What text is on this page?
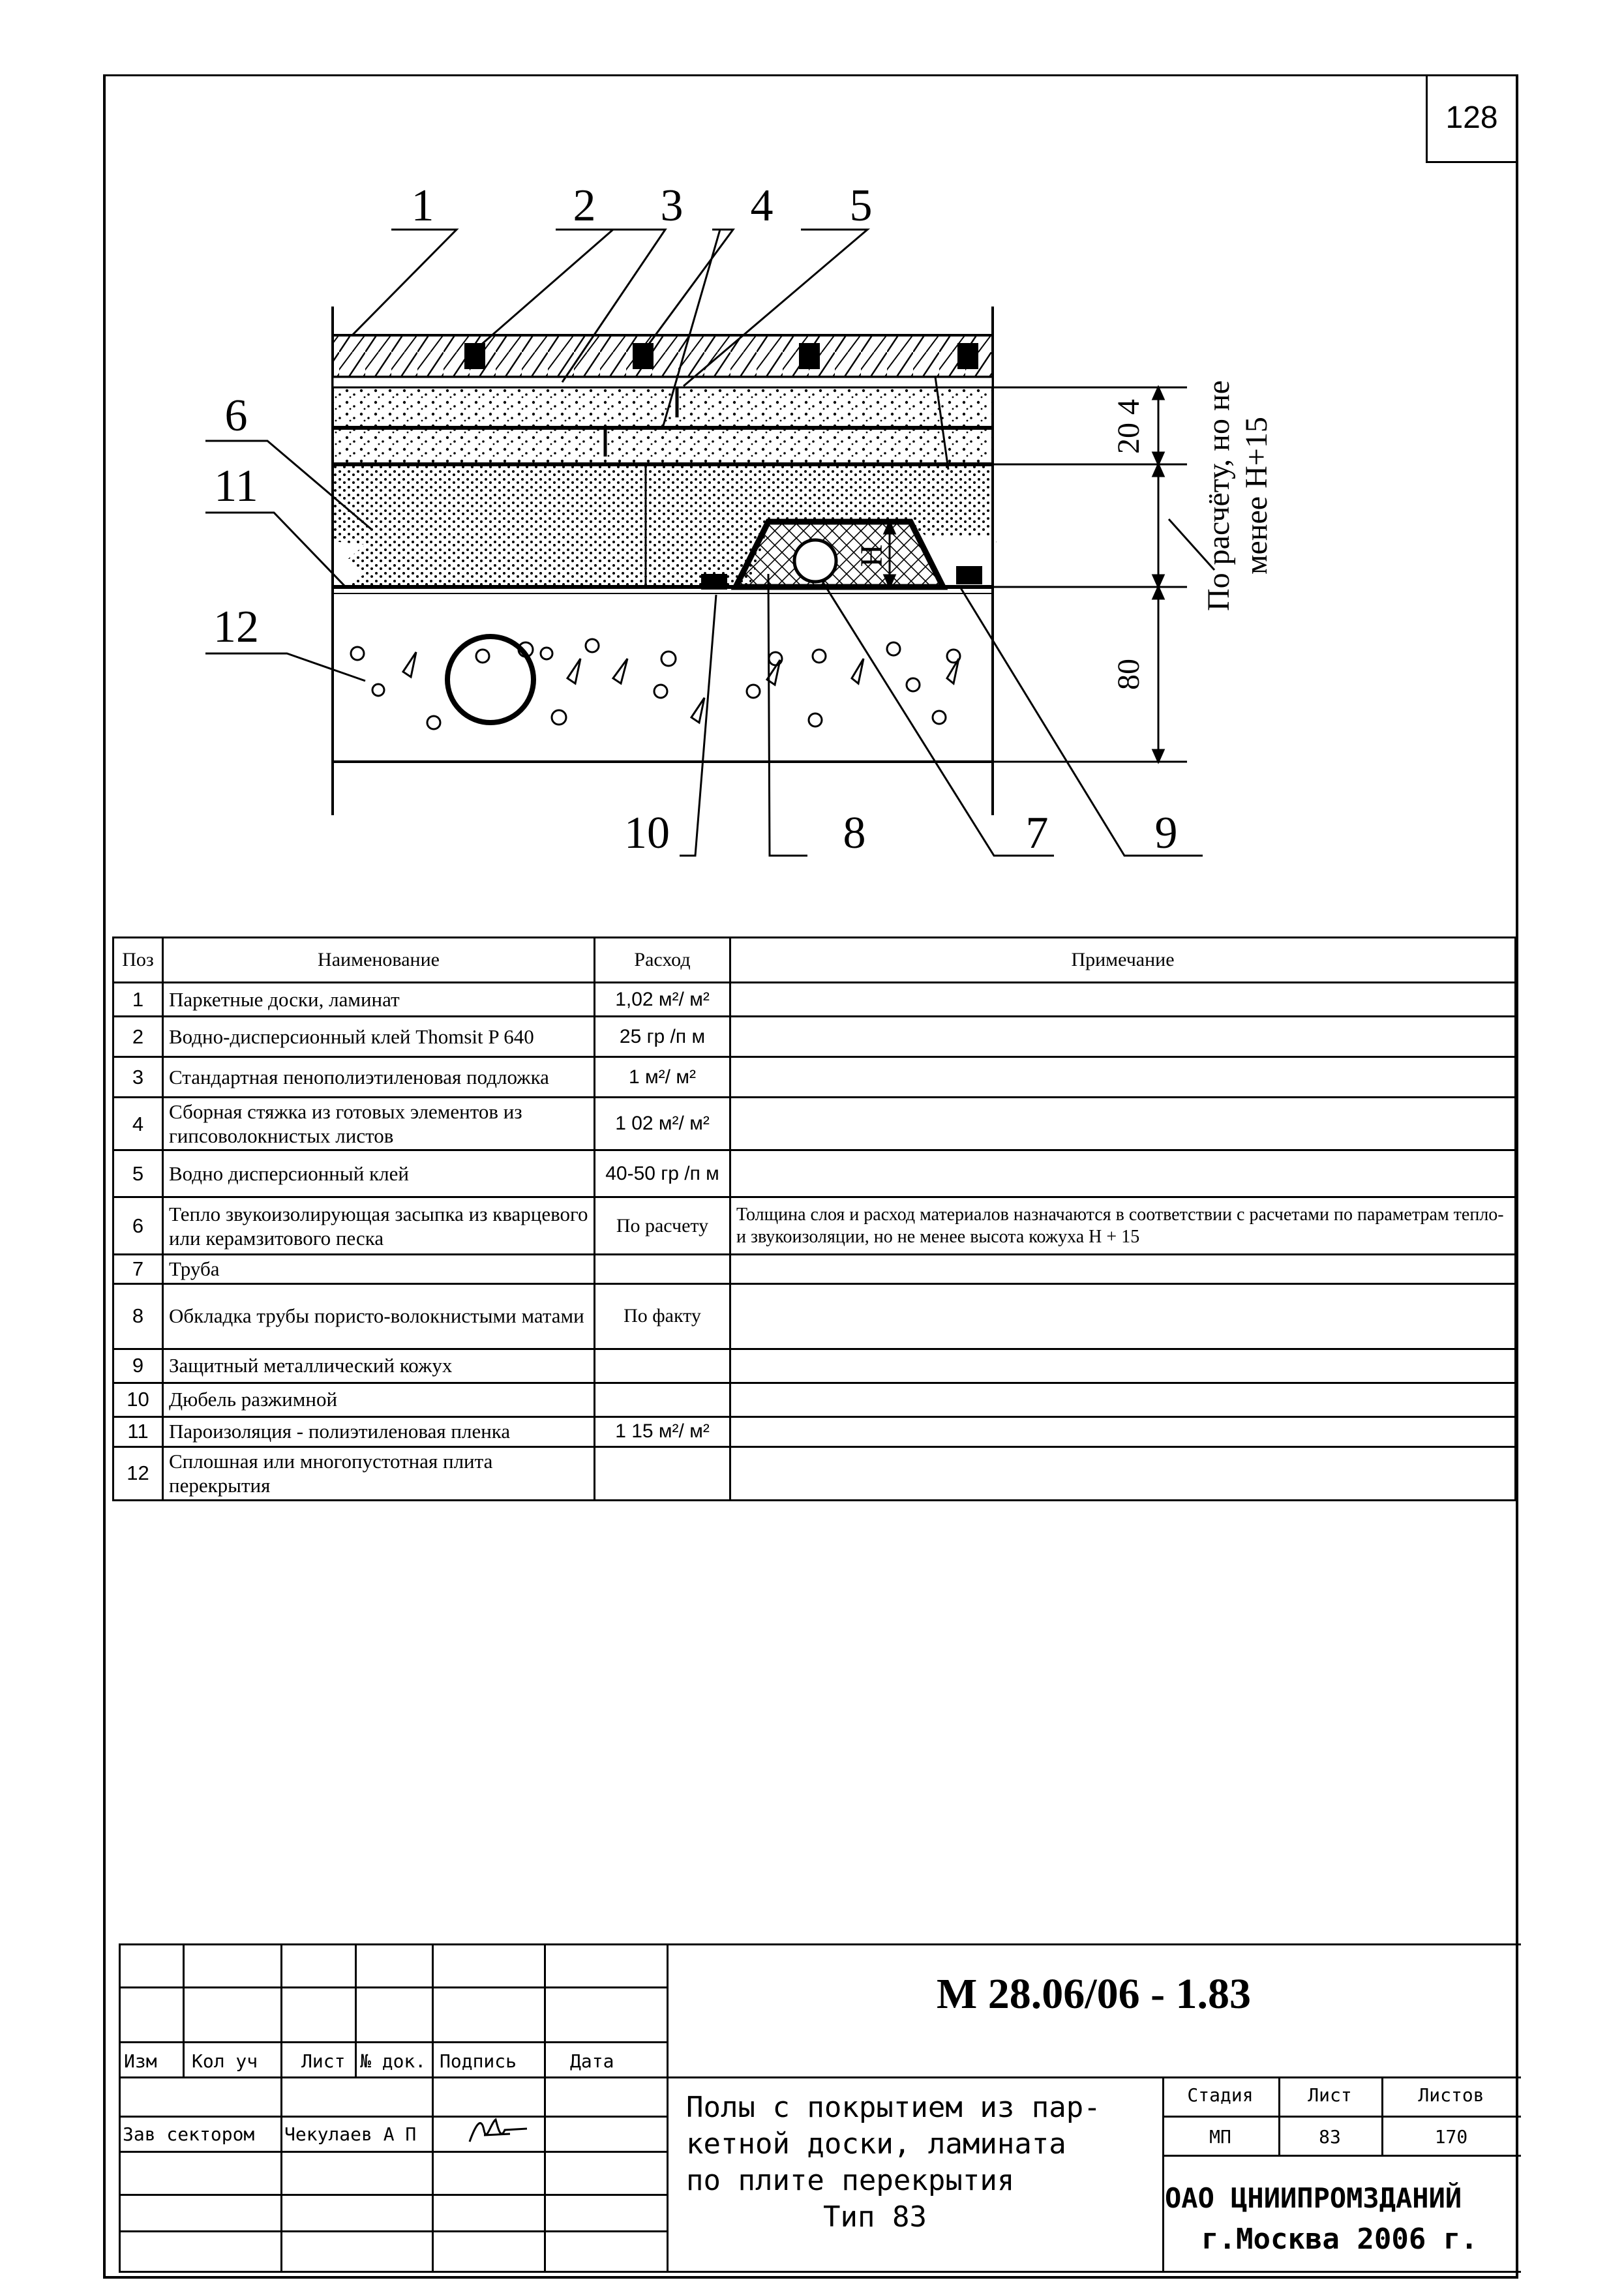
128
1	2 3 4 5
6
11
12
10	8	7 9
20 4
80
H	По расчёту, но не менее Н+15
Поз	Наименование	Расход	Примечание
1	Паркетные доски, ламинат	1,02 м²/ м²	
2	Водно-дисперсионный клей Thomsit P 640	25 гр /п м	
3	Стандартная пенополиэтиленовая подложка	1 м²/ м²	
4	Сборная стяжка из готовых элементов из гипсоволокнистых листов	1 02 м²/ м²	
5	Водно дисперсионный клей	40-50 гр /п м	
6	Тепло звукоизолирующая засыпка из кварцевого или керамзитового песка	По расчету	Толщина слоя и расход материалов назначаются в соответствии с расчетами по параметрам тепло- и звукоизоляции, но не менее высота кожуха Н + 15
7	Труба		
8	Обкладка трубы пористо-волокнистыми матами	По факту	
9	Защитный металлический кожух		
10	Дюбель разжимной		
11	Пароизоляция - полиэтиленовая пленка	1 15 м²/ м²	
12	Сплошная или многопустотная плита перекрытия		
М 28.06/06 - 1.83
Изм Кол уч Лист № док. Подпись	Дата
Зав сектором Чекулаев А П
Полы с покрытием из пар-
кетной доски, ламината
по плите перекрытия
Тип 83
Стадия	Лист	Листов
МП	83	170
ОАО ЦНИИПРОМЗДАНИЙ
г.Москва 2006 г.
